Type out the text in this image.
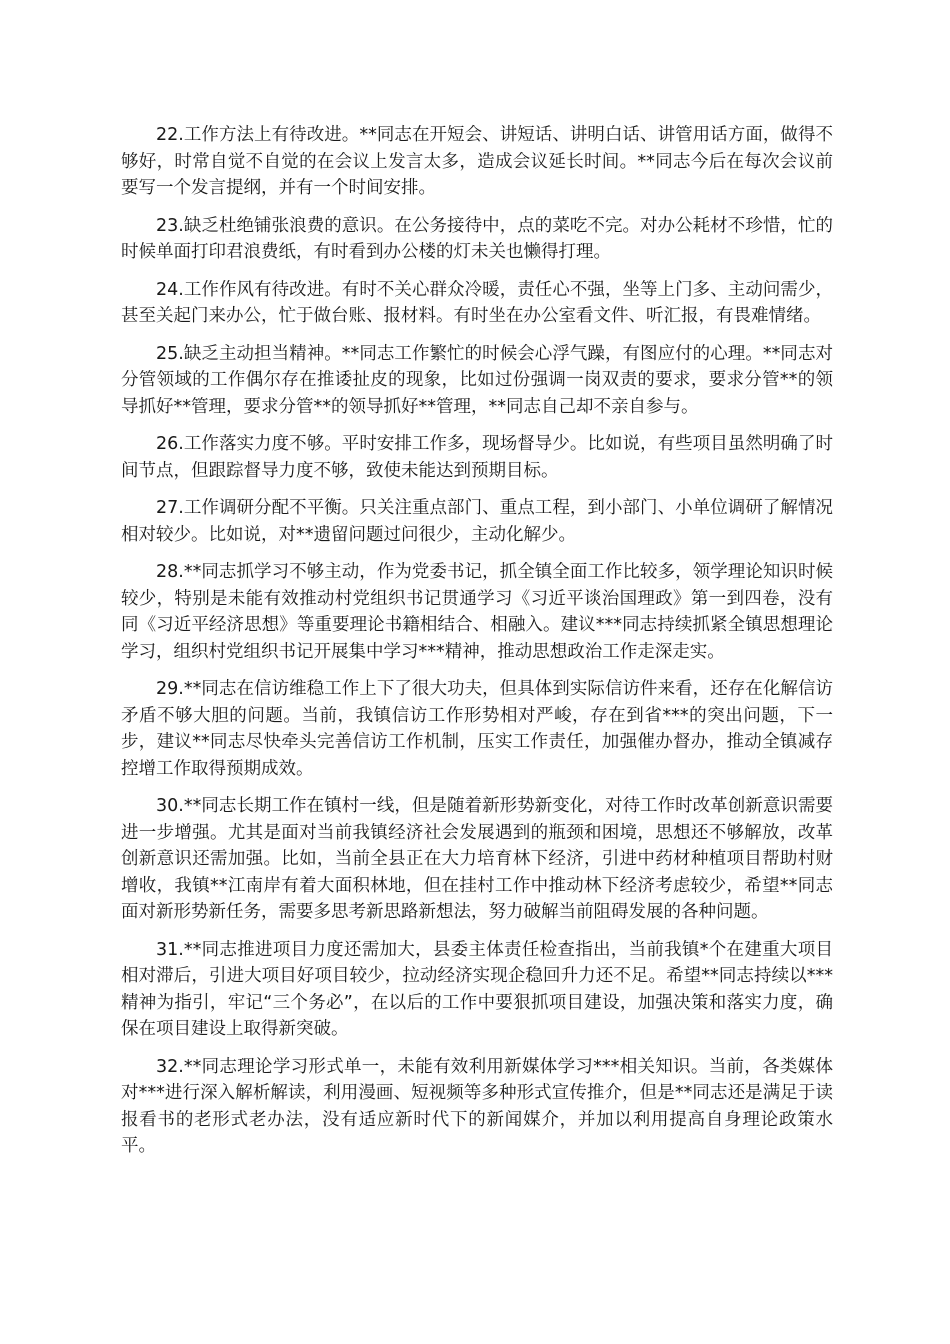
22.工作方法上有待改进。**同志在开短会、讲短话、讲明白话、讲管用话方面，做得不够好，时常自觉不自觉的在会议上发言太多，造成会议延长时间。**同志今后在每次会议前要写一个发言提纲，并有一个时间安排。

23.缺乏杜绝铺张浪费的意识。在公务接待中，点的菜吃不完。对办公耗材不珍惜，忙的时候单面打印君浪费纸，有时看到办公楼的灯未关也懒得打理。

24.工作作风有待改进。有时不关心群众冷暖，责任心不强，坐等上门多、主动问需少，甚至关起门来办公，忙于做台账、报材料。有时坐在办公室看文件、听汇报，有畏难情绪。

25.缺乏主动担当精神。**同志工作繁忙的时候会心浮气躁，有图应付的心理。**同志对分管领域的工作偶尔存在推诿扯皮的现象，比如过份强调一岗双责的要求，要求分管**的领导抓好**管理，要求分管**的领导抓好**管理，**同志自己却不亲自参与。

26.工作落实力度不够。平时安排工作多，现场督导少。比如说，有些项目虽然明确了时间节点，但跟踪督导力度不够，致使未能达到预期目标。

27.工作调研分配不平衡。只关注重点部门、重点工程，到小部门、小单位调研了解情况相对较少。比如说，对**遗留问题过问很少，主动化解少。

28.**同志抓学习不够主动，作为党委书记，抓全镇全面工作比较多，领学理论知识时候较少，特别是未能有效推动村党组织书记贯通学习《习近平谈治国理政》第一到四卷，没有同《习近平经济思想》等重要理论书籍相结合、相融入。建议***同志持续抓紧全镇思想理论学习，组织村党组织书记开展集中学习***精神，推动思想政治工作走深走实。

29.**同志在信访维稳工作上下了很大功夫，但具体到实际信访件来看，还存在化解信访矛盾不够大胆的问题。当前，我镇信访工作形势相对严峻，存在到省***的突出问题，下一步，建议**同志尽快牵头完善信访工作机制，压实工作责任，加强催办督办，推动全镇减存控增工作取得预期成效。

30.**同志长期工作在镇村一线，但是随着新形势新变化，对待工作时改革创新意识需要进一步增强。尤其是面对当前我镇经济社会发展遇到的瓶颈和困境，思想还不够解放，改革创新意识还需加强。比如，当前全县正在大力培育林下经济，引进中药材种植项目帮助村财增收，我镇**江南岸有着大面积林地，但在挂村工作中推动林下经济考虑较少，希望**同志面对新形势新任务，需要多思考新思路新想法，努力破解当前阻碍发展的各种问题。

31.**同志推进项目力度还需加大，县委主体责任检查指出，当前我镇*个在建重大项目相对滞后，引进大项目好项目较少，拉动经济实现企稳回升力还不足。希望**同志持续以***精神为指引，牢记“三个务必”，在以后的工作中要狠抓项目建设，加强决策和落实力度，确保在项目建设上取得新突破。

32.**同志理论学习形式单一，未能有效利用新媒体学习***相关知识。当前，各类媒体对***进行深入解析解读，利用漫画、短视频等多种形式宣传推介，但是**同志还是满足于读报看书的老形式老办法，没有适应新时代下的新闻媒介，并加以利用提高自身理论政策水平。
